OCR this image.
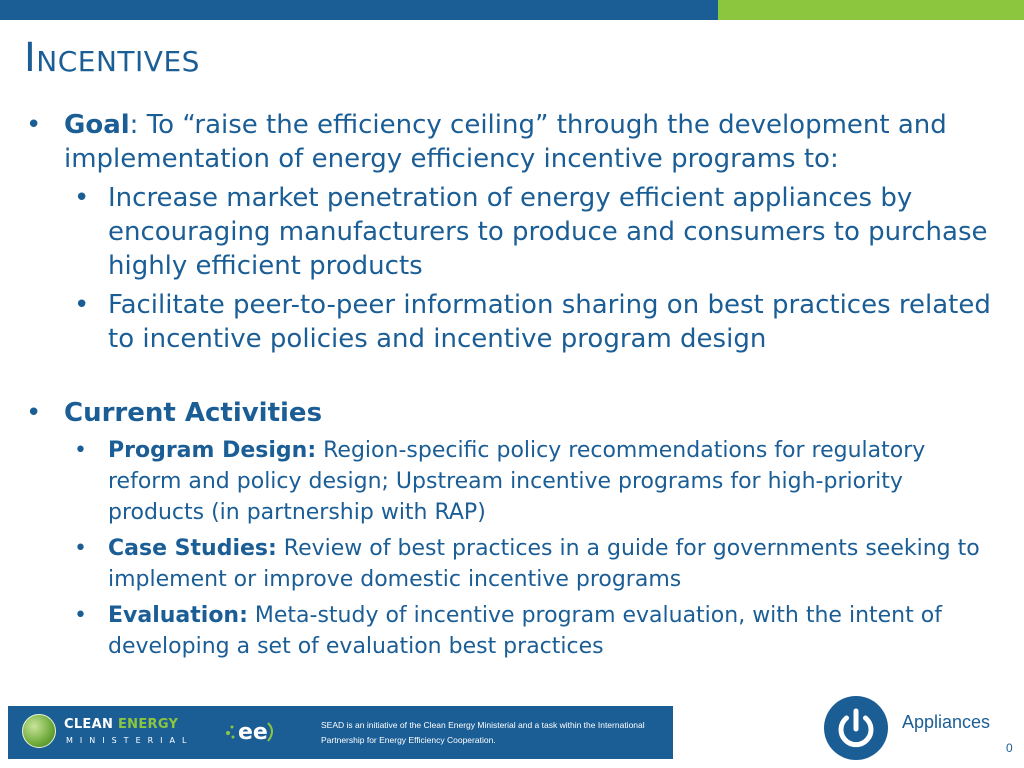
Incentives
• Goal: To “raise the efficiency ceiling” through the development and implementation of energy efficiency incentive programs to:
• Increase market penetration of energy efficient appliances by encouraging manufacturers to produce and consumers to purchase highly efficient products
• Facilitate peer-to-peer information sharing on best practices related to incentive policies and incentive program design
• Current Activities
• Program Design: Region-specific policy recommendations for regulatory reform and policy design; Upstream incentive programs for high-priority products (in partnership with RAP)
• Case Studies: Review of best practices in a guide for governments seeking to implement or improve domestic incentive programs
• Evaluation: Meta-study of incentive program evaluation, with the intent of developing a set of evaluation best practices
CLEAN ENERGY
MINISTERIAL ee	SEAD is an initiative of the Clean Energy Ministerial and a task within the International Partnership for Energy Efficiency Cooperation.
Appliances
0
